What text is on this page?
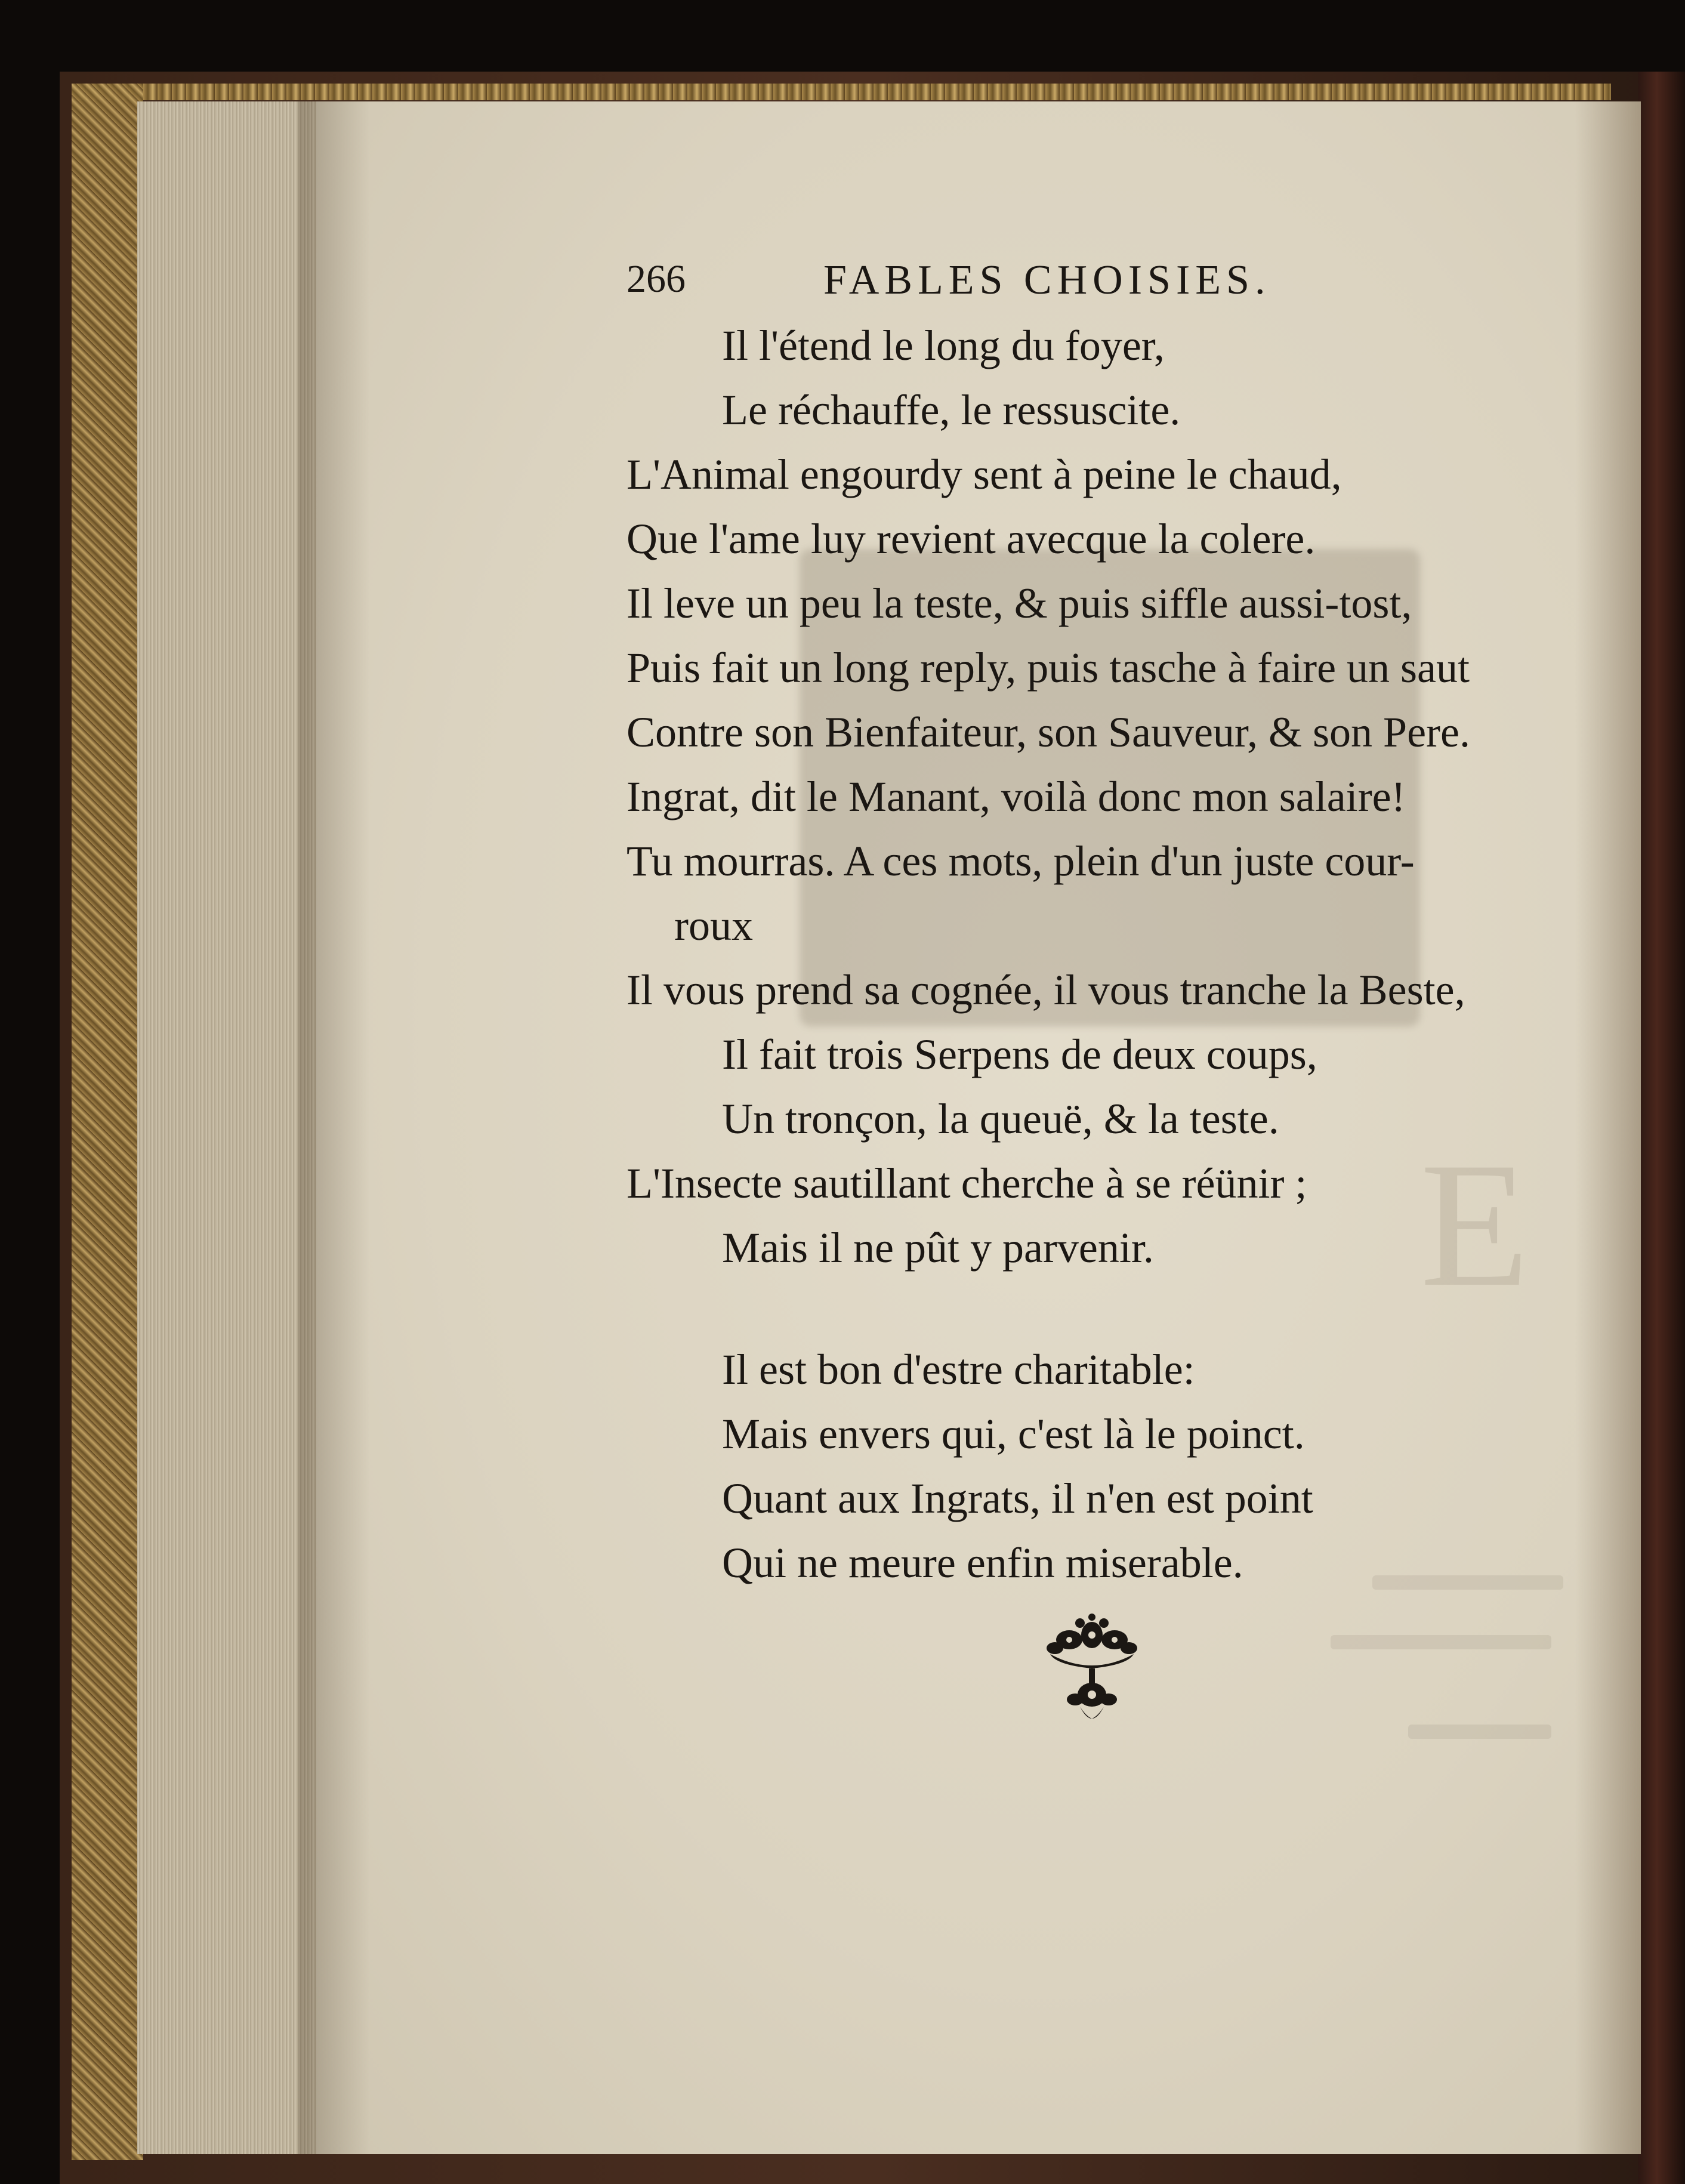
E
266	FABLES CHOISIES.
Il l'étend le long du foyer,
Le réchauffe, le ressuscite.
L'Animal engourdy sent à peine le chaud,
Que l'ame luy revient avecque la colere.
Il leve un peu la teste, & puis siffle aussi-tost,
Puis fait un long reply, puis tasche à faire un saut
Contre son Bienfaiteur, son Sauveur, & son Pere.
Ingrat, dit le Manant, voilà donc mon salaire!
Tu mourras. A ces mots, plein d'un juste cour-
roux
Il vous prend sa cognée, il vous tranche la Beste,
Il fait trois Serpens de deux coups,
Un tronçon, la queuë, & la teste.
L'Insecte sautillant cherche à se réünir ;
Mais il ne pût y parvenir.
Il est bon d'estre charitable:
Mais envers qui, c'est là le poinct.
Quant aux Ingrats, il n'en est point
Qui ne meure enfin miserable.
